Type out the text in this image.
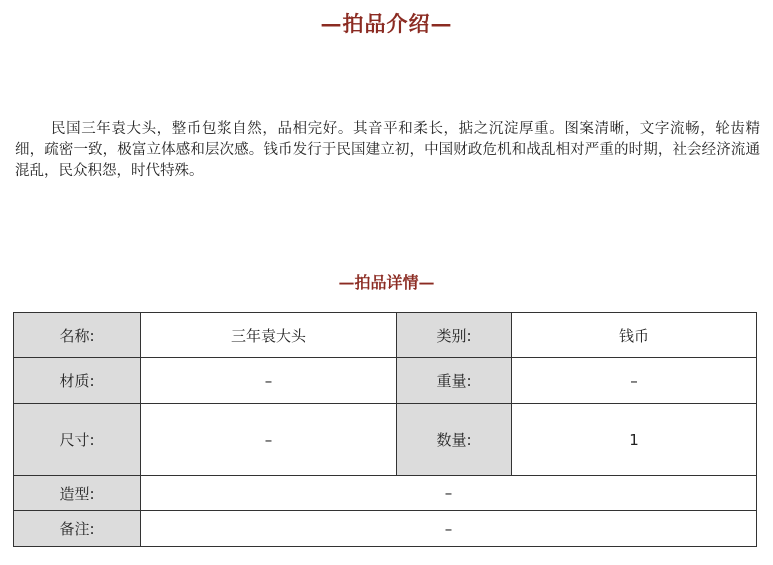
—拍品介绍—

民国三年袁大头，整币包浆自然，品相完好。其音平和柔长，掂之沉淀厚重。图案清晰，文字流畅，轮齿精细，疏密一致，极富立体感和层次感。钱币发行于民国建立初，中国财政危机和战乱相对严重的时期，社会经济流通混乱，民众积怨，时代特殊。

—拍品详情—
名称:	三年袁大头	类别:	钱币
材质:	–	重量:	–
尺寸:	–	数量:	1
造型:	–		
备注:	–		
